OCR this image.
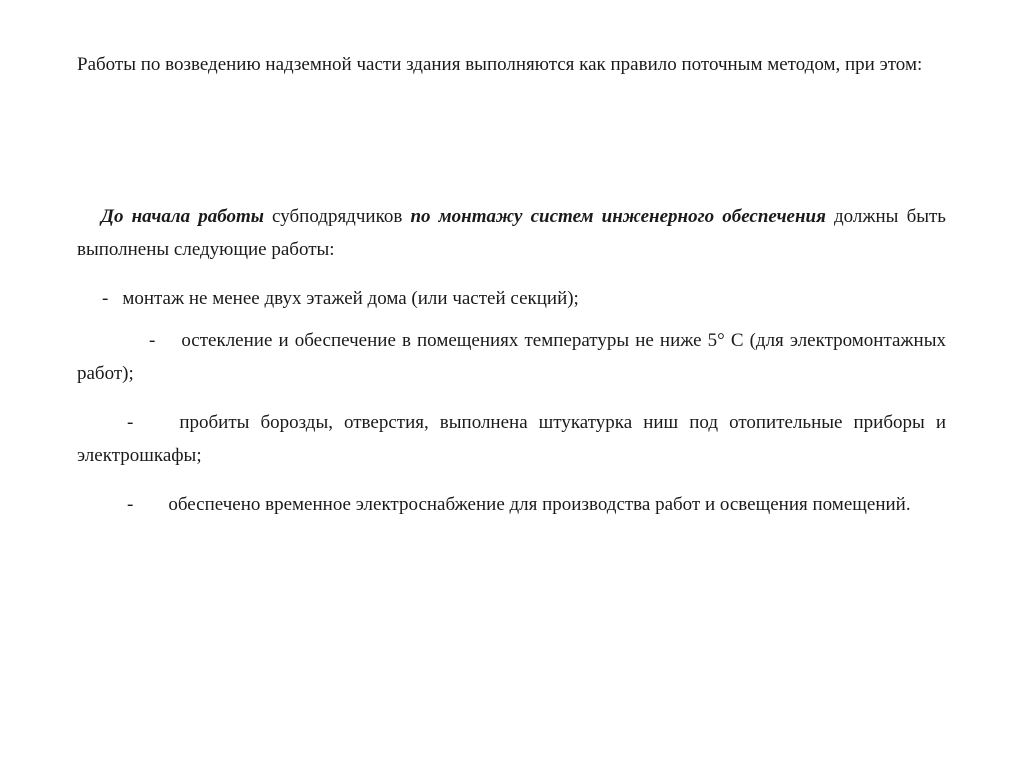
Работы по возведению надземной части здания выполняются как правило поточным методом, при этом:

До начала работы субподрядчиков по монтажу систем инженерного обеспечения должны быть выполнены следующие работы:

- монтаж не менее двух этажей дома (или частей секций);

- остекление и обеспечение в помещениях температуры не ниже 5° С (для электромонтажных работ);

- пробиты борозды, отверстия, выполнена штукатурка ниш под отопительные приборы и электрошкафы;

- обеспечено временное электроснабжение для производства работ и освещения помещений.
